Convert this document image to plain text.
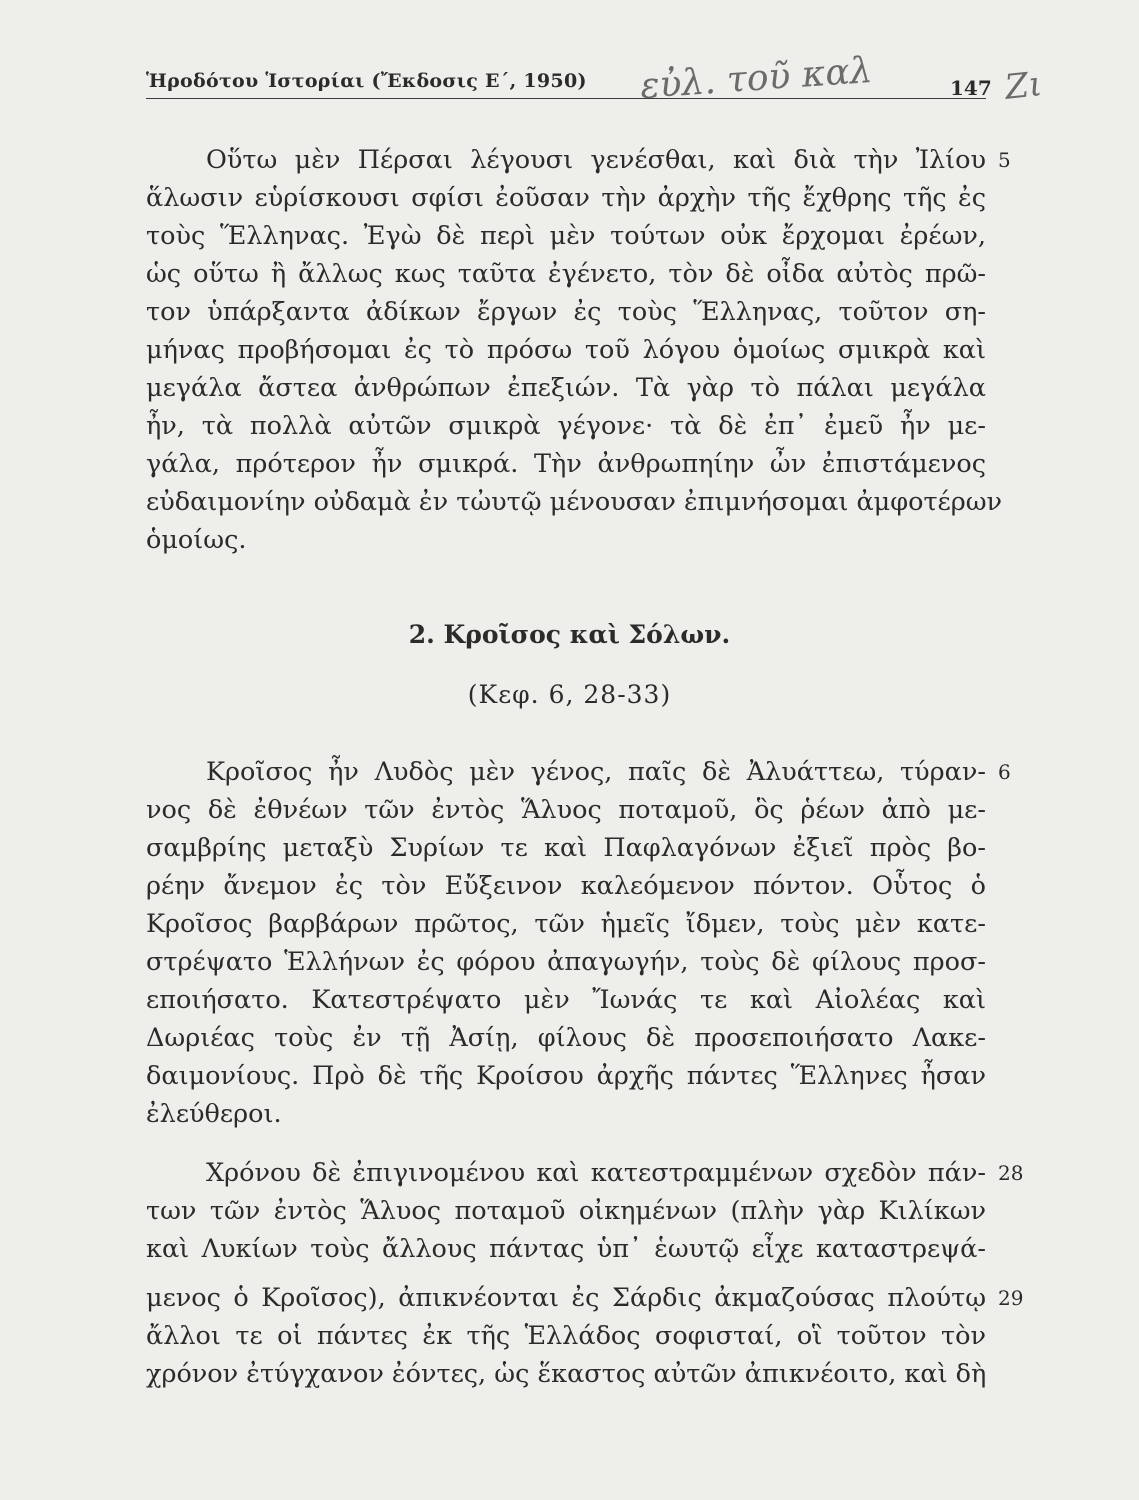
Ἡροδότου Ἱστορίαι (Ἔκδοσις Ε΄, 1950) εὐλ. τοῦ καλ	147 Ζι
Οὕτω μὲν Πέρσαι λέγουσι γενέσθαι, καὶ διὰ τὴν Ἰλίου 5
ἅλωσιν εὑρίσκουσι σφίσι ἐοῦσαν τὴν ἀρχὴν τῆς ἔχθρης τῆς ἐς
τοὺς Ἕλληνας. Ἐγὼ δὲ περὶ μὲν τούτων οὐκ ἔρχομαι ἐρέων,
ὡς οὕτω ἢ ἄλλως κως ταῦτα ἐγένετο, τὸν δὲ οἶδα αὐτὸς πρῶ-
τον ὑπάρξαντα ἀδίκων ἔργων ἐς τοὺς Ἕλληνας, τοῦτον ση-
μήνας προβήσομαι ἐς τὸ πρόσω τοῦ λόγου ὁμοίως σμικρὰ καὶ
μεγάλα ἄστεα ἀνθρώπων ἐπεξιών. Τὰ γὰρ τὸ πάλαι μεγάλα
ἦν, τὰ πολλὰ αὐτῶν σμικρὰ γέγονε· τὰ δὲ ἐπ᾽ ἐμεῦ ἦν με-
γάλα, πρότερον ἦν σμικρά. Τὴν ἀνθρωπηίην ὦν ἐπιστάμενος
εὐδαιμονίην οὐδαμὰ ἐν τὠυτῷ μένουσαν ἐπιμνήσομαι ἀμφοτέρων
ὁμοίως.
2. Κροῖσος καὶ Σόλων.
(Κεφ. 6, 28-33)
Κροῖσος ἦν Λυδὸς μὲν γένος, παῖς δὲ Ἀλυάττεω, τύραν- 6
νος δὲ ἐθνέων τῶν ἐντὸς Ἅλυος ποταμοῦ, ὃς ῥέων ἀπὸ με-
σαμβρίης μεταξὺ Συρίων τε καὶ Παφλαγόνων ἐξιεῖ πρὸς βο-
ρέην ἄνεμον ἐς τὸν Εὔξεινον καλεόμενον πόντον. Οὗτος ὁ
Κροῖσος βαρβάρων πρῶτος, τῶν ἡμεῖς ἴδμεν, τοὺς μὲν κατε-
στρέψατο Ἑλλήνων ἐς φόρου ἀπαγωγήν, τοὺς δὲ φίλους προσ-
εποιήσατο. Κατεστρέψατο μὲν Ἴωνάς τε καὶ Αἰολέας καὶ
Δωριέας τοὺς ἐν τῇ Ἀσίῃ, φίλους δὲ προσεποιήσατο Λακε-
δαιμονίους. Πρὸ δὲ τῆς Κροίσου ἀρχῆς πάντες Ἕλληνες ἦσαν
ἐλεύθεροι.
Χρόνου δὲ ἐπιγινομένου καὶ κατεστραμμένων σχεδὸν πάν- 28
των τῶν ἐντὸς Ἅλυος ποταμοῦ οἰκημένων (πλὴν γὰρ Κιλίκων
καὶ Λυκίων τοὺς ἄλλους πάντας ὑπ᾽ ἑωυτῷ εἶχε καταστρεψά-
μενος ὁ Κροῖσος), ἀπικνέονται ἐς Σάρδις ἀκμαζούσας πλούτῳ 29
ἄλλοι τε οἱ πάντες ἐκ τῆς Ἑλλάδος σοφισταί, οἳ τοῦτον τὸν
χρόνον ἐτύγχανον ἐόντες, ὡς ἕκαστος αὐτῶν ἀπικνέοιτο, καὶ δὴ
